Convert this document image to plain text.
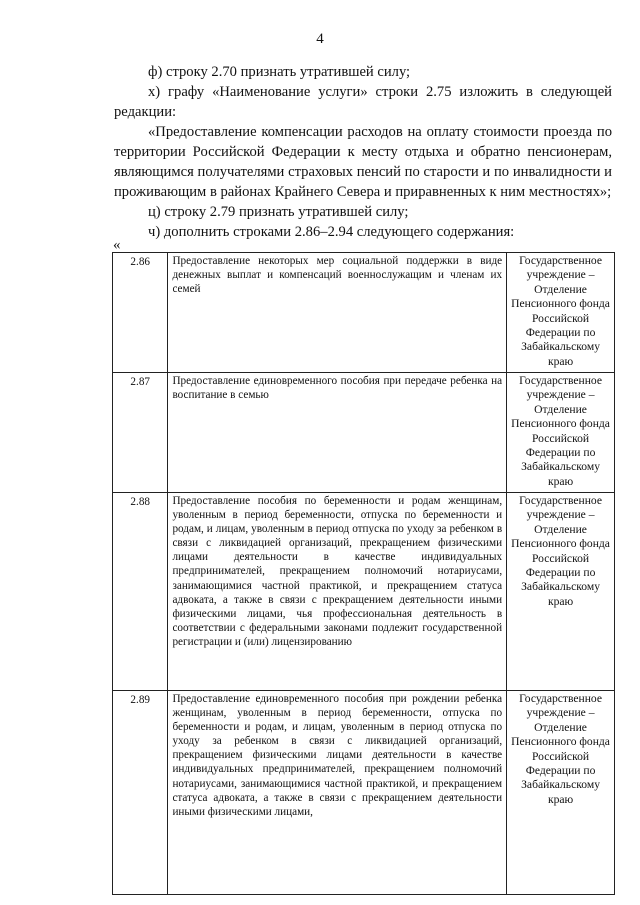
4

ф) строку 2.70 признать утратившей силу;

х) графу «Наименование услуги» строки 2.75 изложить в следующей редакции:

«Предоставление компенсации расходов на оплату стоимости проезда по территории Российской Федерации к месту отдыха и обратно пенсионерам, являющимся получателями страховых пенсий по старости и по инвалидности и проживающим в районах Крайнего Севера и приравненных к ним местностях»;

ц) строку 2.79 признать утратившей силу;

ч) дополнить строками 2.86–2.94 следующего содержания:

«
2.86	Предоставление некоторых мер социальной поддержки в виде денежных выплат и компенсаций военнослужащим и членам их семей	Государственное учреждение – Отделение Пенсионного фонда Российской Федерации по Забайкальскому краю
2.87	Предоставление единовременного пособия при передаче ребенка на воспитание в семью	Государственное учреждение – Отделение Пенсионного фонда Российской Федерации по Забайкальскому краю
2.88	Предоставление пособия по беременности и родам женщинам, уволенным в период беременности, отпуска по беременности и родам, и лицам, уволенным в период отпуска по уходу за ребенком в связи с ликвидацией организаций, прекращением физическими лицами деятельности в качестве индивидуальных предпринимателей, прекращением полномочий нотариусами, занимающимися частной практикой, и прекращением статуса адвоката, а также в связи с прекращением деятельности иными физическими лицами, чья профессиональная деятельность в соответствии с федеральными законами подлежит государственной регистрации и (или) лицензированию	Государственное учреждение – Отделение Пенсионного фонда Российской Федерации по Забайкальскому краю
2.89	Предоставление единовременного пособия при рождении ребенка женщинам, уволенным в период беременности, отпуска по беременности и родам, и лицам, уволенным в период отпуска по уходу за ребенком в связи с ликвидацией организаций, прекращением физическими лицами деятельности в качестве индивидуальных предпринимателей, прекращением полномочий нотариусами, занимающимися частной практикой, и прекращением статуса адвоката, а также в связи с прекращением деятельности иными физическими лицами,	Государственное учреждение – Отделение Пенсионного фонда Российской Федерации по Забайкальскому краю
